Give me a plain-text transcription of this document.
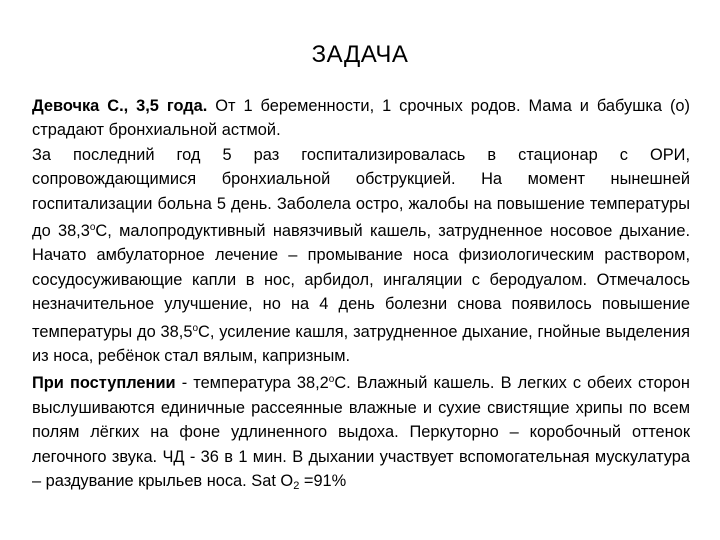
ЗАДАЧА

Девочка С., 3,5 года. От 1 беременности, 1 срочных родов. Мама и бабушка (о) страдают бронхиальной астмой.

За последний год 5 раз госпитализировалась в стационар с ОРИ, сопровождающимися бронхиальной обструкцией. На момент нынешней госпитализации больна 5 день. Заболела остро, жалобы на повышение температуры до $38,3^оС$, малопродуктивный навязчивый кашель, затрудненное носовое дыхание. Начато амбулаторное лечение – промывание носа физиологическим раствором, сосудосуживающие капли в нос, арбидол, ингаляции с беродуалом. Отмечалось незначительное улучшение, но на 4 день болезни снова появилось повышение температуры до $38,5^оС$, усиление кашля, затрудненное дыхание, гнойные выделения из носа, ребёнок стал вялым, капризным.

При поступлении - температура $38,2^оС$. Влажный кашель. В легких с обеих сторон выслушиваются единичные рассеянные влажные и сухие свистящие хрипы по всем полям лёгких на фоне удлиненного выдоха. Перкуторно – коробочный оттенок легочного звука. ЧД - 36 в 1 мин. В дыхании участвует вспомогательная мускулатура – раздувание крыльев носа. Sat $O_2 =91\%$
